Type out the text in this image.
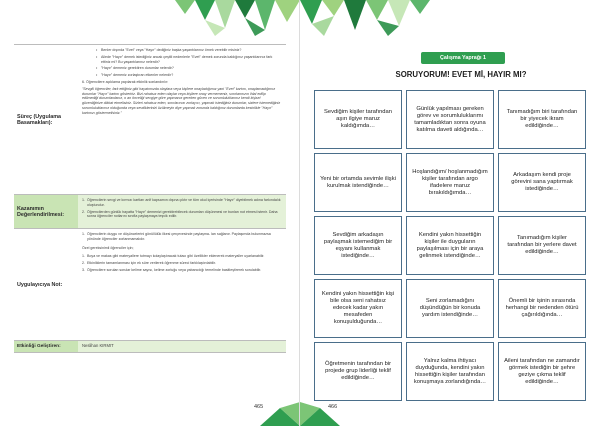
Süreç (Uygulama Basamakları):
• Benler dışında "Evet" veya "Hayır" dediğiniz başka yaşantılarınız örnek verebilir misiniz?
• Ailede "Hayır" demek istediğiniz ancak çeşitli nedenlerle "Evet" demek zorunda kaldığınız yaşantılarınız fark ettiniz mi? Bu yaşantılarınız nelerdir?
• "Hayır" demeniz gerektiren durumlar nelerdir?
• "Hayır" demeniz zorlaştıran etkenler nelerdir?

6. Öğrencilere açıklama yapılarak etkinlik sonlandırılır:

"Sevgili öğrenciler, fark ettiğiniz gibi hayatımızda olaylara veya kişilere onayladığımız yani "Evet" kartını, onaylamadığımız durumlar "Hayır" kartını gösteririz. Bizi rahatsız eden olaylar veya kişilere onay vermemeniz, sınırlarınızın ihlal edilip edilmediği durumlardanız, o an önceliği sevgiye göre yapmanız gereken güven ve sorumluluklarınız kendi kişisel güvenliğinize dikkat etmelisiniz. Sizleri rahatsız eden, sınırlarınızı zorlayıcı, yapmak istediğiniz durumlar, sizlere istemediğiniz sorumluluklarınız olduğunda veya sevdiklerinizi üzülmeyin diye yapmak zorunda kaldığınız durumlarda kesinlikle "Hayır" kartınızı göstermelisiniz."

Kazanımın Değerlendirilmesi:
1. Öğrencilerin sevgi ve kırmızı kartları anlf kapsamın dışına çıktır ve tüm okul içerisinde "Hayır" diyebilmek adına farkındalık oluşturulur.
2. Öğrencilerden günlük hayatta "Hayır" demenizi gerektirebilecek durumları düşünmesi ve bunları not etmesi istenir. Daha sonra öğrenciler notlarını sınıfla paylaşmaya teşvik edilir.
Uygulayıcıya Not:
1. Öğrencilerin duygu ve düşüncelerini gönüllülük ilkesi çerçevesinde paylaşma- ları sağlanır. Paylaşımda bulunmazsa yönünde öğrenciler zorlanmamalıdır.

Özel gereksinimli öğrenciler için;

1. Boya ve makas gibi materyallere tutmayı kolaylaştıracak tutacı gibi özellikler eklenerek materyaller uyarlanabilir.
2. Etkinliklerin tamamlanması için ek süre verilerek öğrenme süreci farklılaştırılabilir.
3. Öğrencilere sorulan sorular kelime sayısı, kelime zorluğu veya yabancılığı temelinde basitleştirerek sorulabilir.
Etkinliği Geliştiren:	Neslihan KIRMIT
465
Çalışma Yaprağı 1
SORUYORUM! EVET Mİ, HAYIR MI?
Sevdiğim kişiler tarafından aşırı ilgiye maruz kaldığımda…
Günlük yapılması gereken görev ve sorumluluklarımı tamamladıktan sonra oyuna katılma daveti aldığında…
Tanımadığım biri tarafından bir yiyecek ikram edildiğinde…
Yeni bir ortamda sevimle ilişki kurulmak istendiğinde…
Hoşlandığım/ hoşlanmadığım kişiler tarafından argo ifadelere maruz bırakıldığımda…
Arkadaşım kendi proje görevini sana yaptırmak istediğinde…
Sevdiğim arkadaşın paylaşmak istemediğim bir eşyanı kullanmak istediğinde…
Kendini yakın hissettiğin kişiler ile duyguların paylaşılması için bir araya gelinmek istendiğinde…
Tanımadığım kişiler tarafından bir yerlere davet edildiğinde…
Kendini yakın hissettiğin kişi bile olsa seni rahatsız edecek kadar yakın mesafeden konuşulduğunda…
Seni zorlamadığını düşündüğün bir konuda yardım istendiğinde…
Önemli bir işinin sırasında herhangi bir nedenden ötürü çağırıldığında…
Öğretmenin tarafından bir projede grup liderliği teklif edildiğinde…
Yalnız kalma ihtiyacı duyduğunda, kendini yakın hissettiğin kişiler tarafından konuşmaya zorlandığında…
Aileni tarafından ne zamandır görmek istediğin bir şehre geziye çıkma teklif edildiğinde…
466
